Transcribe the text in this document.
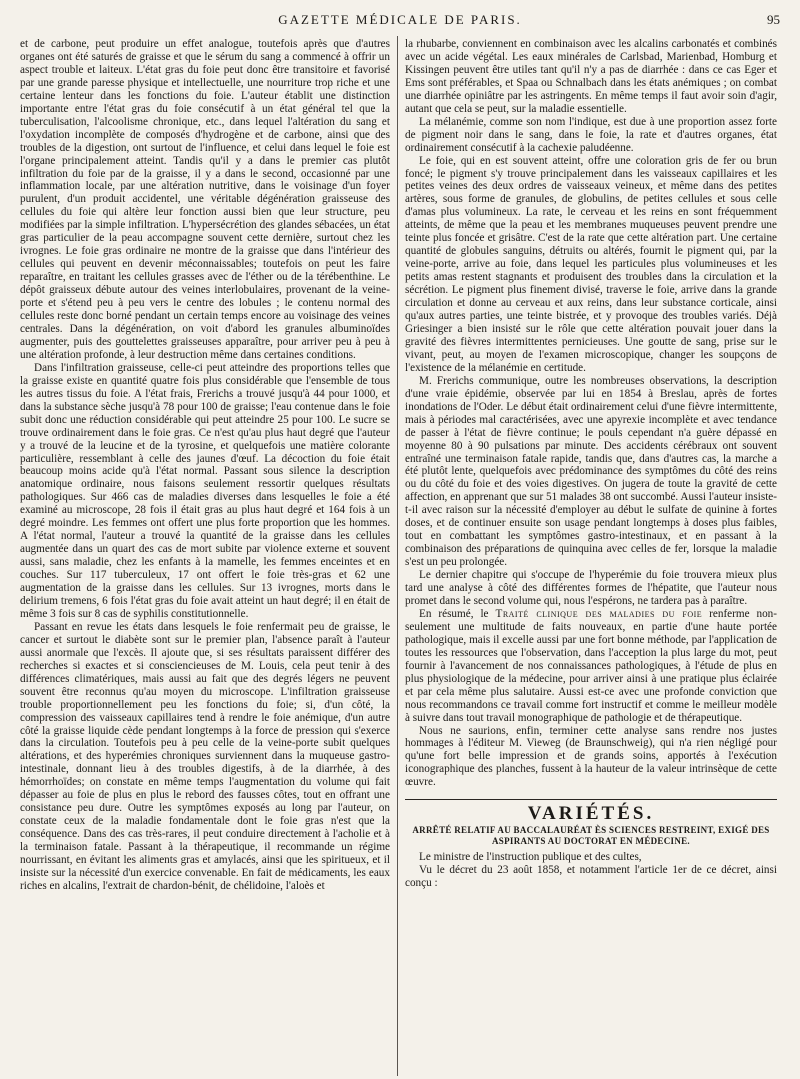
GAZETTE MÉDICALE DE PARIS.	95

et de carbone, peut produire un effet analogue, toutefois après que d'autres organes ont été saturés de graisse et que le sérum du sang a commencé à offrir un aspect trouble et laiteux. L'état gras du foie peut donc être transitoire et favorisé par une grande paresse physique et intellectuelle, une nourriture trop riche et une certaine lenteur dans les fonctions du foie. L'auteur établit une distinction importante entre l'état gras du foie consécutif à un état général tel que la tuberculisation, l'alcoolisme chronique, etc., dans lequel l'altération du sang et l'oxydation incomplète de composés d'hydrogène et de carbone, ainsi que des troubles de la digestion, ont surtout de l'influence, et celui dans lequel le foie est l'organe principalement atteint. Tandis qu'il y a dans le premier cas plutôt infiltration du foie par de la graisse, il y a dans le second, occasionné par une inflammation locale, par une altération nutritive, dans le voisinage d'un foyer purulent, d'un produit accidentel, une véritable dégénération graisseuse des cellules du foie qui altère leur fonction aussi bien que leur structure, peu modifiées par la simple infiltration. L'hypersécrétion des glandes sébacées, un état gras particulier de la peau accompagne souvent cette dernière, surtout chez les ivrognes. Le foie gras ordinaire ne montre de la graisse que dans l'intérieur des cellules qui peuvent en devenir méconnaissables; toutefois on peut les faire reparaître, en traitant les cellules grasses avec de l'éther ou de la térébenthine. Le dépôt graisseux débute autour des veines interlobulaires, provenant de la veine-porte et s'étend peu à peu vers le centre des lobules ; le contenu normal des cellules reste donc borné pendant un certain temps encore au voisinage des veines centrales. Dans la dégénération, on voit d'abord les granules albuminoïdes augmenter, puis des gouttelettes graisseuses apparaître, pour arriver peu à peu à une altération profonde, à leur destruction même dans certaines conditions.

Dans l'infiltration graisseuse, celle-ci peut atteindre des proportions telles que la graisse existe en quantité quatre fois plus considérable que l'ensemble de tous les autres tissus du foie. A l'état frais, Frerichs a trouvé jusqu'à 44 pour 1000, et dans la substance sèche jusqu'à 78 pour 100 de graisse; l'eau contenue dans le foie subit donc une réduction considérable qui peut atteindre 25 pour 100. Le sucre se trouve ordinairement dans le foie gras. Ce n'est qu'au plus haut degré que l'auteur y a trouvé de la leucine et de la tyrosine, et quelquefois une matière colorante particulière, ressemblant à celle des jaunes d'œuf. La décoction du foie était beaucoup moins acide qu'à l'état normal. Passant sous silence la description anatomique ordinaire, nous faisons seulement ressortir quelques résultats pathologiques. Sur 466 cas de maladies diverses dans lesquelles le foie a été examiné au microscope, 28 fois il était gras au plus haut degré et 164 fois à un degré moindre. Les femmes ont offert une plus forte proportion que les hommes. A l'état normal, l'auteur a trouvé la quantité de la graisse dans les cellules augmentée dans un quart des cas de mort subite par violence externe et souvent aussi, sans maladie, chez les enfants à la mamelle, les femmes enceintes et en couches. Sur 117 tuberculeux, 17 ont offert le foie très-gras et 62 une augmentation de la graisse dans les cellules. Sur 13 ivrognes, morts dans le delirium tremens, 6 fois l'état gras du foie avait atteint un haut degré; il en était de même 3 fois sur 8 cas de syphilis constitutionnelle.

Passant en revue les états dans lesquels le foie renfermait peu de graisse, le cancer et surtout le diabète sont sur le premier plan, l'absence paraît à l'auteur aussi anormale que l'excès. Il ajoute que, si ses résultats paraissent différer des recherches si exactes et si consciencieuses de M. Louis, cela peut tenir à des différences climatériques, mais aussi au fait que des degrés légers ne peuvent souvent être reconnus qu'au moyen du microscope. L'infiltration graisseuse trouble proportionnellement peu les fonctions du foie; si, d'un côté, la compression des vaisseaux capillaires tend à rendre le foie anémique, d'un autre côté la graisse liquide cède pendant longtemps à la force de pression qui s'exerce dans la circulation. Toutefois peu à peu celle de la veine-porte subit quelques altérations, et des hyperémies chroniques surviennent dans la muqueuse gastro-intestinale, donnant lieu à des troubles digestifs, à de la diarrhée, à des hémorrhoïdes; on constate en même temps l'augmentation du volume qui fait dépasser au foie de plus en plus le rebord des fausses côtes, tout en offrant une consistance peu dure. Outre les symptômes exposés au long par l'auteur, on constate ceux de la maladie fondamentale dont le foie gras n'est que la conséquence. Dans des cas très-rares, il peut conduire directement à l'acholie et à la terminaison fatale. Passant à la thérapeutique, il recommande un régime nourrissant, en évitant les aliments gras et amylacés, ainsi que les spiritueux, et il insiste sur la nécessité d'un exercice convenable. En fait de médicaments, les eaux riches en alcalins, l'extrait de chardon-bénit, de chélidoine, l'aloès et

la rhubarbe, conviennent en combinaison avec les alcalins carbonatés et combinés avec un acide végétal. Les eaux minérales de Carlsbad, Marienbad, Homburg et Kissingen peuvent être utiles tant qu'il n'y a pas de diarrhée : dans ce cas Eger et Ems sont préférables, et Spaa ou Schnalbach dans les états anémiques ; on combat une diarrhée opiniâtre par les astringents. En même temps il faut avoir soin d'agir, autant que cela se peut, sur la maladie essentielle.

La mélanémie, comme son nom l'indique, est due à une proportion assez forte de pigment noir dans le sang, dans le foie, la rate et d'autres organes, état ordinairement consécutif à la cachexie paludéenne.

Le foie, qui en est souvent atteint, offre une coloration gris de fer ou brun foncé; le pigment s'y trouve principalement dans les vaisseaux capillaires et les petites veines des deux ordres de vaisseaux veineux, et même dans des petites artères, sous forme de granules, de globulins, de petites cellules et sous celle d'amas plus volumineux. La rate, le cerveau et les reins en sont fréquemment atteints, de même que la peau et les membranes muqueuses peuvent prendre une teinte plus foncée et grisâtre. C'est de la rate que cette altération part. Une certaine quantité de globules sanguins, détruits ou altérés, fournit le pigment qui, par la veine-porte, arrive au foie, dans lequel les particules plus volumineuses et les petits amas restent stagnants et produisent des troubles dans la circulation et la sécrétion. Le pigment plus finement divisé, traverse le foie, arrive dans la grande circulation et donne au cerveau et aux reins, dans leur substance corticale, ainsi qu'aux autres parties, une teinte bistrée, et y provoque des troubles variés. Déjà Griesinger a bien insisté sur le rôle que cette altération pouvait jouer dans la gravité des fièvres intermittentes pernicieuses. Une goutte de sang, prise sur le vivant, peut, au moyen de l'examen microscopique, changer les soupçons de l'existence de la mélanémie en certitude.

M. Frerichs communique, outre les nombreuses observations, la description d'une vraie épidémie, observée par lui en 1854 à Breslau, après de fortes inondations de l'Oder. Le début était ordinairement celui d'une fièvre intermittente, mais à périodes mal caractérisées, avec une apyrexie incomplète et avec tendance de passer à l'état de fièvre continue; le pouls cependant n'a guère dépassé en moyenne 80 à 90 pulsations par minute. Des accidents cérébraux ont souvent entraîné une terminaison fatale rapide, tandis que, dans d'autres cas, la marche a été plutôt lente, quelquefois avec prédominance des symptômes du côté des reins ou du côté du foie et des voies digestives. On jugera de toute la gravité de cette affection, en apprenant que sur 51 malades 38 ont succombé. Aussi l'auteur insiste-t-il avec raison sur la nécessité d'employer au début le sulfate de quinine à fortes doses, et de continuer ensuite son usage pendant longtemps à doses plus faibles, tout en combattant les symptômes gastro-intestinaux, et en passant à la combinaison des préparations de quinquina avec celles de fer, lorsque la maladie s'est un peu prolongée.

Le dernier chapitre qui s'occupe de l'hyperémie du foie trouvera mieux plus tard une analyse à côté des différentes formes de l'hépatite, que l'auteur nous promet dans le second volume qui, nous l'espérons, ne tardera pas à paraître.

En résumé, le Traité clinique des maladies du foie renferme non-seulement une multitude de faits nouveaux, en partie d'une haute portée pathologique, mais il excelle aussi par une fort bonne méthode, par l'application de toutes les ressources que l'observation, dans l'acception la plus large du mot, peut fournir à l'avancement de nos connaissances pathologiques, à l'étude de plus en plus physiologique de la médecine, pour arriver ainsi à une pratique plus éclairée et par cela même plus salutaire. Aussi est-ce avec une profonde conviction que nous recommandons ce travail comme fort instructif et comme le meilleur modèle à suivre dans tout travail monographique de pathologie et de thérapeutique.

Nous ne saurions, enfin, terminer cette analyse sans rendre nos justes hommages à l'éditeur M. Vieweg (de Braunschweig), qui n'a rien négligé pour qu'une fort belle impression et de grands soins, apportés à l'exécution iconographique des planches, fussent à la hauteur de la valeur intrinsèque de cette œuvre.

VARIÉTÉS.
ARRÊTÉ RELATIF AU BACCALAURÉAT ÈS SCIENCES RESTREINT, EXIGÉ DES ASPIRANTS AU DOCTORAT EN MÉDECINE.

Le ministre de l'instruction publique et des cultes,

Vu le décret du 23 août 1858, et notamment l'article 1er de ce décret, ainsi conçu :
